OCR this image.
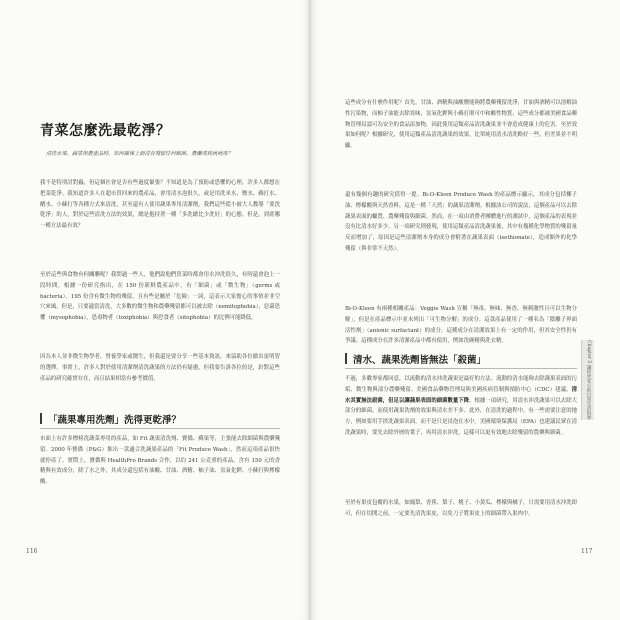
青菜怎麼洗最乾淨？
清洗水果、蔬菜與農產品時，如何確保上面沒有殘留任何細菌、農藥或致病病毒？
我不是特別討對蟲，但這個社會是否有些過度緊張？不知道是為了預防或恐懼的心理，許多人都想在把菜乾淨。我知道許多人在超市買回來的農產品，會用清水泡很久，或是用洗米水、鹽水、蘇打水、醋水、小蘇打等各種方式來清洗，甚至還有人使用蔬果專用清潔劑。我們這些從小被大人教導「要洗乾淨」的人，對於這些清洗方法的效果，總是抱持著一種「多洗總比少洗好」的心態。但是，到底哪一種方法最有效？
至於這些與食物有何關聯呢？我問過一些人，他們說他們買菜時都會用水沖洗很久，有時還會泡上一段時間。根據一份研究指出，在 150 份新鮮農產品中，有「細菌」或「微生物」（germs 或 bacteria），195 份含有微生物的殘留，且有些是屬於「危險」一詞，這表示大家擔心的事情並非空穴來風。但是，只要適當清洗，大多數的微生物和農藥殘留都可以被去除（nemitophobia），惡菌恐懼（mysophobia），恐毒物者（toxiphobia）與恐食者（sitophobia）的比例可能降低。
因為本人並非微生物學者，營養學家或醫生，但我還是要分享一些基本資訊，來協助各位做出更明智的選擇。事實上，許多人對於使用清潔劑清洗蔬果的方法仍有疑慮，但我要告訴各位的是，針對這些產品的研究確實存在，而且結果相當有參考價值。
「蔬果專用洗劑」洗得更乾淨？
市面上有許多標榜洗蔬菜專用的產品，如 Fit 蔬果清洗劑、寶僑、蘇果等，主張能去除細菌與農藥殘留。2000 年寶僑（P&G）推出一款適合洗蔬果產品的「Fit Produce Wash」，然而這項產品很快就停產了。實際上，寶僑與 HealthPro Brands 合作，以約 241 公克重的產品，含有 150 元的香精與有效成分，除了水之外，其成分還包括有油酸、甘油、酒精、柚子油、氫氧化鉀、小蘇打與檸檬酸。
116
這些成分有什麼作用呢？首先，甘油、酒精與油酸鹽能夠將農藥殘留洗淨，甘油與酒精可以溶解油性污染物，而柚子油能去除異味，氫氧化鉀與小蘇打則可中和酸性物質。這些成分都被美國食品藥物管理局認可為安全的食品添加物，因此使用這類產品清洗蔬果並不會造成健康上的危害。至於效果如何呢？根據研究，使用這類產品清洗蔬果的效果，比單純用清水清洗略好一些，但差異並不明顯。
還有幾個有趣的研究值得一提。Bi-O-Kleen Produce Wash 的產品標示顯示，其成分包括椰子油、檸檬酸與天然香料，這是一種「天然」的蔬果清潔劑。根據該公司的說法，這個產品可以去除蔬果表面的蠟質、農藥殘留與細菌。然而，在一項由消費者團體進行的測試中，這個產品的表現並沒有比清水好多少。另一項研究則發現，使用這類產品清洗蔬果後，其中有幾種化學物質的殘留量反而增加了，原因是這些清潔劑本身的成分會附著在蔬果表面（isethionate），造成額外的化學殘留（與非常不天然）。
Bi-O-Kleen 有兩種相關產品：Veggie Wash 宣稱「無毒、無味、無香、無刺激性且可以生物分解」，但是在產品標示中並未列出「可生物分解」的成分。這款產品使用了一種名為「陰離子界面活性劑」（anionic surfactant）的成分，這種成分在清潔效果上有一定的作用，但其安全性仍有爭議。這種成分在許多清潔產品中都有使用，例如洗碗精與洗衣精。
清水、蔬果洗劑皆無法「殺菌」
不過，多數專家都同意，以流動的清水沖洗蔬果是最好的方法。流動的清水能夠去除蔬果表面的污垢、微生物與部分農藥殘留。美國食品藥物管理局與美國疾病管制與預防中心（CDC）建議，清水其實無法殺菌，但足以讓蔬果表面的細菌數量下降。根據一項研究，用清水沖洗蔬果可以去除大部分的細菌，而使用蔬果洗劑的效果與清水差不多。此外，在清洗的過程中，有一些需要注意的地方，例如要用手搓洗蔬果表面，而不是只是浸泡在水中。美國環境保護局（EPA）也建議民眾在清洗蔬果時，要先去除外層的葉子，再用清水沖洗，這樣可以更有效地去除殘留的農藥與細菌。
至於有果皮包覆的水果，如鳳梨、香蕉、梨子、桃子、小黃瓜、檸檬與橘子，只需要用清水沖洗即可，但在切開之前，一定要先清洗果皮，以免刀子將果皮上的細菌帶入果肉中。
Chapter 5 讓你更安心的日常生活科學
117
